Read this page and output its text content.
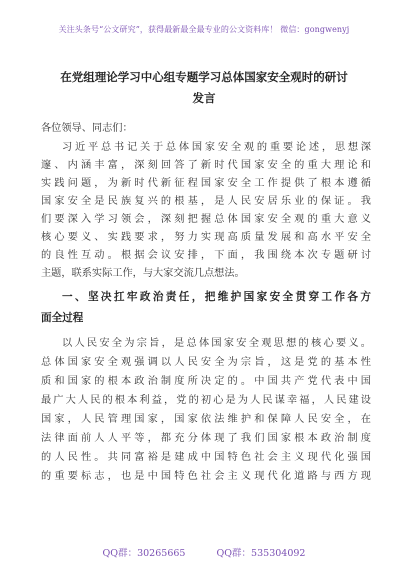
关注头条号“公文研究”，获得最新最全最专业的公文资料库！ 微信：gongwenyj
在党组理论学习中心组专题学习总体国家安全观时的研讨
发言
各位领导、同志们：
习近平总书记关于总体国家安全观的重要论述，思想深
邃、内涵丰富，深刻回答了新时代国家安全的重大理论和
实践问题，为新时代新征程国家安全工作提供了根本遵循
国家安全是民族复兴的根基，是人民安居乐业的保证。我
们要深入学习领会，深刻把握总体国家安全观的重大意义
核心要义、实践要求，努力实现高质量发展和高水平安全
的良性互动。根据会议安排，下面，我围绕本次专题研讨
主题，联系实际工作，与大家交流几点想法。
一、坚决扛牢政治责任，把维护国家安全贯穿工作各方
面全过程
以人民安全为宗旨，是总体国家安全观思想的核心要义。
总体国家安全观强调以人民安全为宗旨，这是党的基本性
质和国家的根本政治制度所决定的。中国共产党代表中国
最广大人民的根本利益，党的初心是为人民谋幸福，人民建设
国家，人民管理国家，国家依法维护和保障人民安全，在
法律面前人人平等，都充分体现了我们国家根本政治制度
的人民性。共同富裕是建成中国特色社会主义现代化强国
的重要标志，也是中国特色社会主义现代化道路与西方现
QQ群：30265665	QQ群：535304092
